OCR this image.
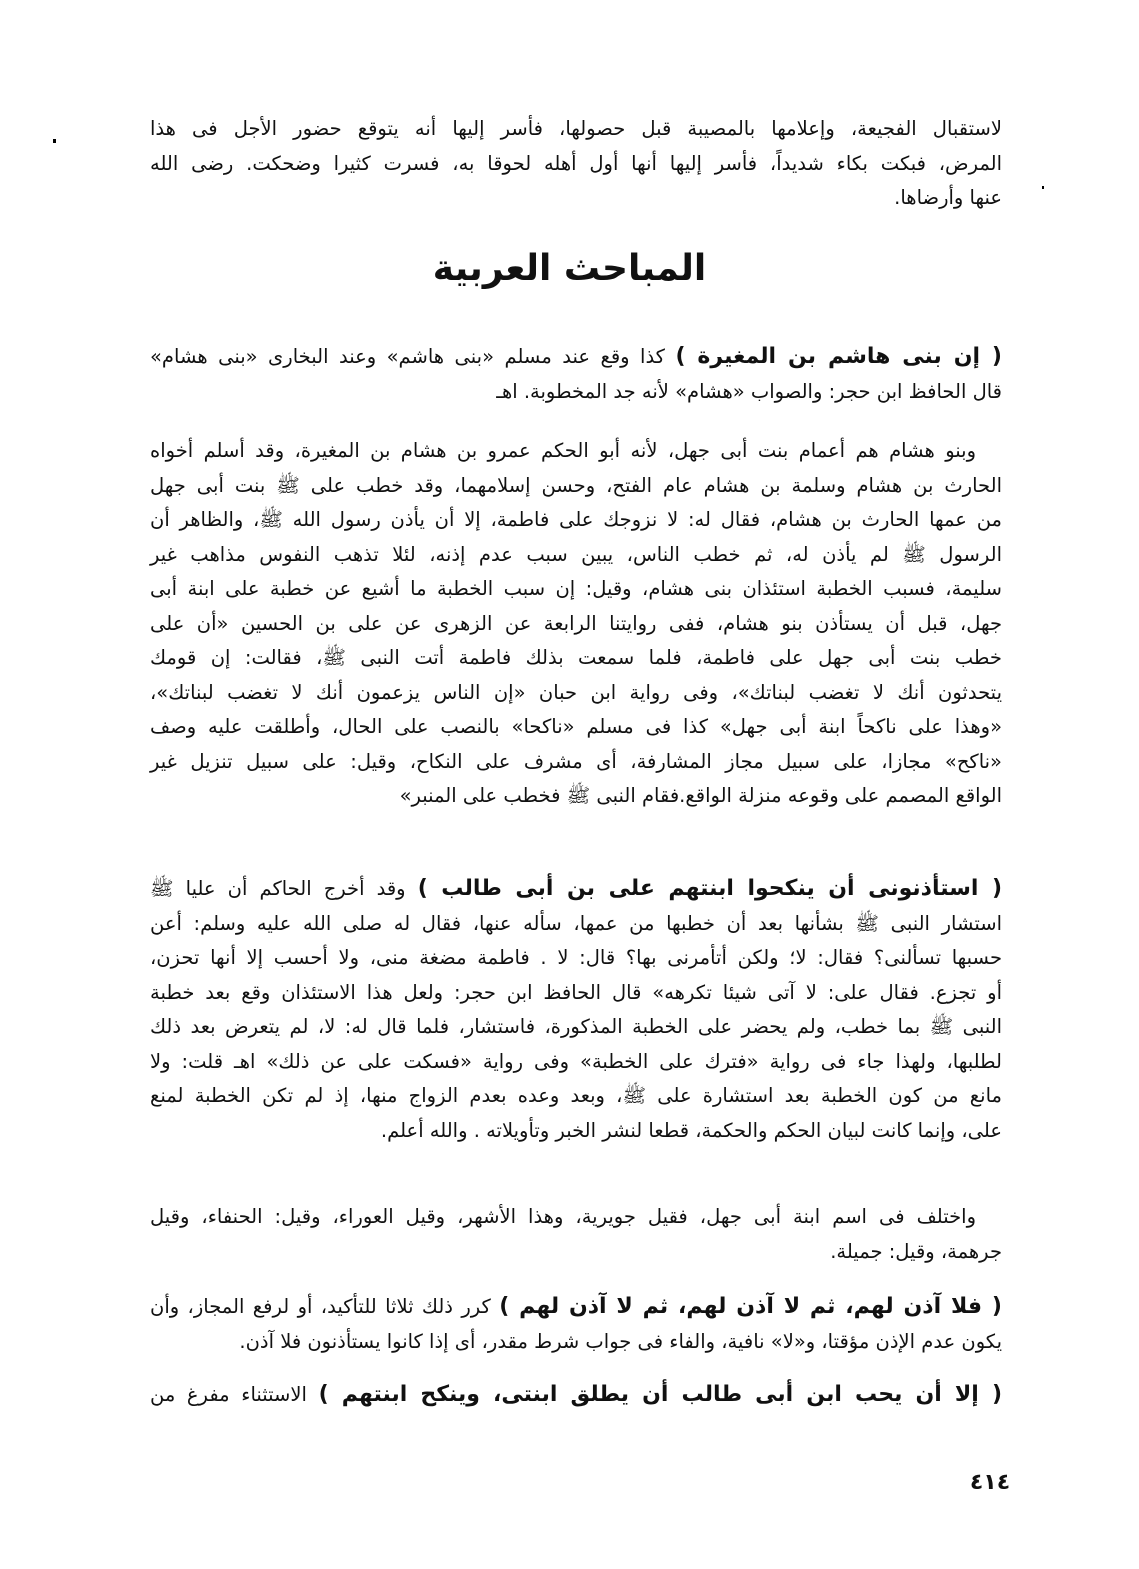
لاستقبال الفجيعة، وإعلامها بالمصيبة قبل حصولها، فأسر إليها أنه يتوقع حضور الأجل فى هذا
المرض، فبكت بكاء شديداً، فأسر إليها أنها أول أهله لحوقا به، فسرت كثيرا وضحكت. رضى الله
عنها وأرضاها.
المباحث العربية
( إن بنى هاشم بن المغيرة ) كذا وقع عند مسلم «بنى هاشم» وعند البخارى «بنى هشام»
قال الحافظ ابن حجر: والصواب «هشام» لأنه جد المخطوبة. اهـ
وبنو هشام هم أعمام بنت أبى جهل، لأنه أبو الحكم عمرو بن هشام بن المغيرة، وقد أسلم أخواه
الحارث بن هشام وسلمة بن هشام عام الفتح، وحسن إسلامهما، وقد خطب على ﷺ بنت أبى جهل
من عمها الحارث بن هشام، فقال له: لا نزوجك على فاطمة، إلا أن يأذن رسول الله ﷺ، والظاهر أن
الرسول ﷺ لم يأذن له، ثم خطب الناس، يبين سبب عدم إذنه، لئلا تذهب النفوس مذاهب غير
سليمة، فسبب الخطبة استئذان بنى هشام، وقيل: إن سبب الخطبة ما أشيع عن خطبة على ابنة أبى
جهل، قبل أن يستأذن بنو هشام، ففى روايتنا الرابعة عن الزهرى عن على بن الحسين «أن على
خطب بنت أبى جهل على فاطمة، فلما سمعت بذلك فاطمة أتت النبى ﷺ، فقالت: إن قومك
يتحدثون أنك لا تغضب لبناتك»، وفى رواية ابن حبان «إن الناس يزعمون أنك لا تغضب لبناتك»،
«وهذا على ناكحاً ابنة أبى جهل» كذا فى مسلم «ناكحا» بالنصب على الحال، وأطلقت عليه وصف
«ناكح» مجازا، على سبيل مجاز المشارفة، أى مشرف على النكاح، وقيل: على سبيل تنزيل غير
الواقع المصمم على وقوعه منزلة الواقع.فقام النبى ﷺ فخطب على المنبر»
( استأذنونى أن ينكحوا ابنتهم على بن أبى طالب ) وقد أخرج الحاكم أن عليا ﷺ
استشار النبى ﷺ بشأنها بعد أن خطبها من عمها، سأله عنها، فقال له صلى الله عليه وسلم: أعن
حسبها تسألنى؟ فقال: لا؛ ولكن أتأمرنى بها؟ قال: لا . فاطمة مضغة منى، ولا أحسب إلا أنها تحزن،
أو تجزع. فقال على: لا آتى شيئا تكرهه» قال الحافظ ابن حجر: ولعل هذا الاستئذان وقع بعد خطبة
النبى ﷺ بما خطب، ولم يحضر على الخطبة المذكورة، فاستشار، فلما قال له: لا، لم يتعرض بعد ذلك
لطلبها، ولهذا جاء فى رواية «فترك على الخطبة» وفى رواية «فسكت على عن ذلك» اهـ قلت: ولا
مانع من كون الخطبة بعد استشارة على ﷺ، وبعد وعده بعدم الزواج منها، إذ لم تكن الخطبة لمنع
على، وإنما كانت لبيان الحكم والحكمة، قطعا لنشر الخبر وتأويلاته . والله أعلم.
واختلف فى اسم ابنة أبى جهل، فقيل جويرية، وهذا الأشهر، وقيل العوراء، وقيل: الحنفاء، وقيل
جرهمة، وقيل: جميلة.
( فلا آذن لهم، ثم لا آذن لهم، ثم لا آذن لهم ) كرر ذلك ثلاثا للتأكيد، أو لرفع المجاز، وأن
يكون عدم الإذن مؤقتا، و«لا» نافية، والفاء فى جواب شرط مقدر، أى إذا كانوا يستأذنون فلا آذن.
( إلا أن يحب ابن أبى طالب أن يطلق ابنتى، وينكح ابنتهم ) الاستثناء مفرغ من
٤١٤
